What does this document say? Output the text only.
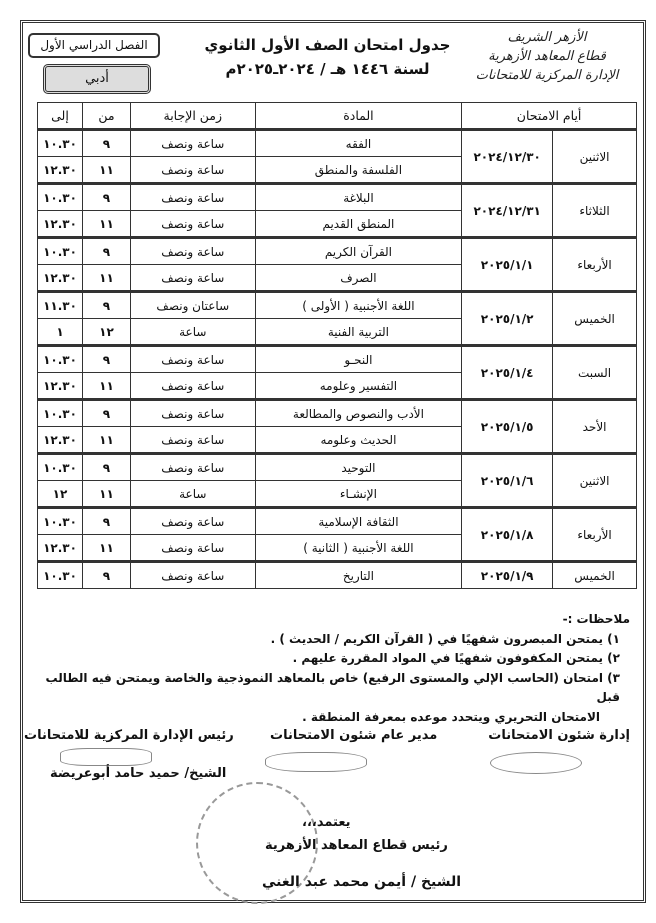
الأزهر الشريف
قطاع المعاهد الأزهرية
الإدارة المركزية للامتحانات
جدول امتحان الصف الأول الثانوي
لسنة ١٤٤٦ هـ / ٢٠٢٤ـ٢٠٢٥م
الفصل الدراسي الأول
أدبي
أيام الامتحان		المادة	زمن الإجابة	من	إلى
الاثنين	٢٠٢٤/١٢/٣٠	الفقه	ساعة ونصف	٩	١٠.٣٠
		الفلسفة والمنطق	ساعة ونصف	١١	١٢.٣٠
الثلاثاء	٢٠٢٤/١٢/٣١	البلاغة	ساعة ونصف	٩	١٠.٣٠
		المنطق القديم	ساعة ونصف	١١	١٢.٣٠
الأربعاء	٢٠٢٥/١/١	القرآن الكريم	ساعة ونصف	٩	١٠.٣٠
		الصرف	ساعة ونصف	١١	١٢.٣٠
الخميس	٢٠٢٥/١/٢	اللغة الأجنبية ( الأولى )	ساعتان ونصف	٩	١١.٣٠
		التربية الفنية	ساعة	١٢	١
السبت	٢٠٢٥/١/٤	النحـو	ساعة ونصف	٩	١٠.٣٠
		التفسير وعلومه	ساعة ونصف	١١	١٢.٣٠
الأحد	٢٠٢٥/١/٥	الأدب والنصوص والمطالعة	ساعة ونصف	٩	١٠.٣٠
		الحديث وعلومه	ساعة ونصف	١١	١٢.٣٠
الاثنين	٢٠٢٥/١/٦	التوحيد	ساعة ونصف	٩	١٠.٣٠
		الإنشـاء	ساعة	١١	١٢
الأربعاء	٢٠٢٥/١/٨	الثقافة الإسلامية	ساعة ونصف	٩	١٠.٣٠
		اللغة الأجنبية ( الثانية )	ساعة ونصف	١١	١٢.٣٠
الخميس	٢٠٢٥/١/٩	التاريخ	ساعة ونصف	٩	١٠.٣٠
ملاحظات :-
١) يمتحن المبصرون شفهيًا في ( القرآن الكريم / الحديث ) .
٢) يمتحن المكفوفون شفهيًا في المواد المقررة عليهم .
٣) امتحان (الحاسب الإلي والمستوى الرفيع) خاص بالمعاهد النموذجية والخاصة ويمتحن فيه الطالب قبل
الامتحان التحريري ويتحدد موعده بمعرفة المنطقة .
إدارة شئون الامتحانات
مدير عام شئون الامتحانات
رئيس الإدارة المركزية للامتحانات
الشيخ/ حميد حامد أبوعريضة
يعتمد،،،
رئيس قطاع المعاهد الأزهرية
الشيخ / أيمن محمد عبد الغني
